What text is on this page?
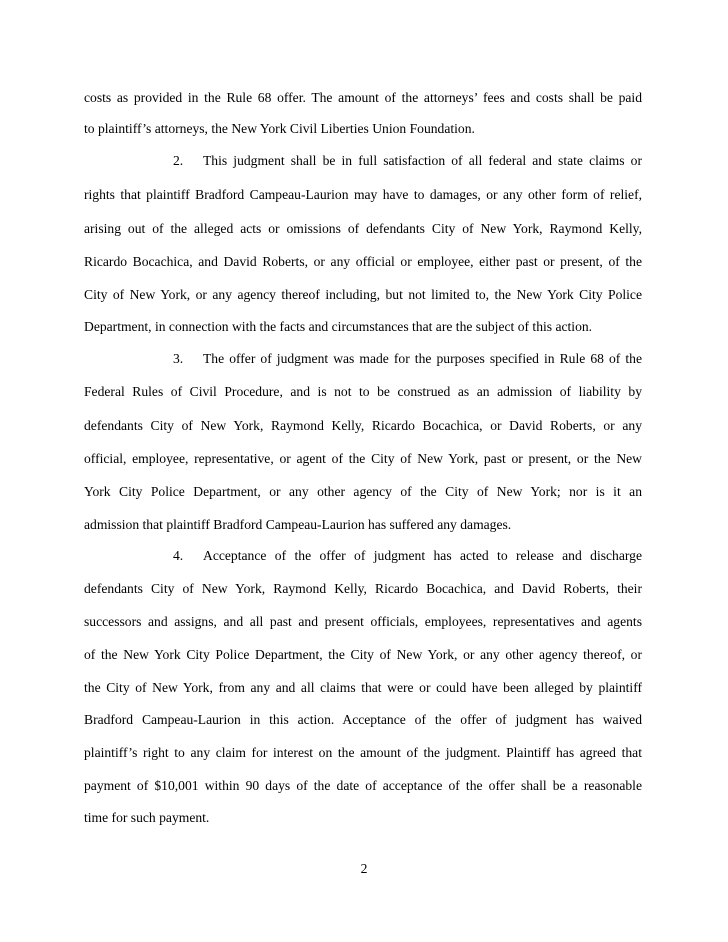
costs as provided in the Rule 68 offer. The amount of the attorneys’ fees and costs shall be paid
to plaintiff’s attorneys, the New York Civil Liberties Union Foundation.
2. This judgment shall be in full satisfaction of all federal and state claims or
rights that plaintiff Bradford Campeau-Laurion may have to damages, or any other form of relief,
arising out of the alleged acts or omissions of defendants City of New York, Raymond Kelly,
Ricardo Bocachica, and David Roberts, or any official or employee, either past or present, of the
City of New York, or any agency thereof including, but not limited to, the New York City Police
Department, in connection with the facts and circumstances that are the subject of this action.
3. The offer of judgment was made for the purposes specified in Rule 68 of the
Federal Rules of Civil Procedure, and is not to be construed as an admission of liability by
defendants City of New York, Raymond Kelly, Ricardo Bocachica, or David Roberts, or any
official, employee, representative, or agent of the City of New York, past or present, or the New
York City Police Department, or any other agency of the City of New York; nor is it an
admission that plaintiff Bradford Campeau-Laurion has suffered any damages.
4. Acceptance of the offer of judgment has acted to release and discharge
defendants City of New York, Raymond Kelly, Ricardo Bocachica, and David Roberts, their
successors and assigns, and all past and present officials, employees, representatives and agents
of the New York City Police Department, the City of New York, or any other agency thereof, or
the City of New York, from any and all claims that were or could have been alleged by plaintiff
Bradford Campeau-Laurion in this action. Acceptance of the offer of judgment has waived
plaintiff’s right to any claim for interest on the amount of the judgment. Plaintiff has agreed that
payment of $10,001 within 90 days of the date of acceptance of the offer shall be a reasonable
time for such payment.
2
